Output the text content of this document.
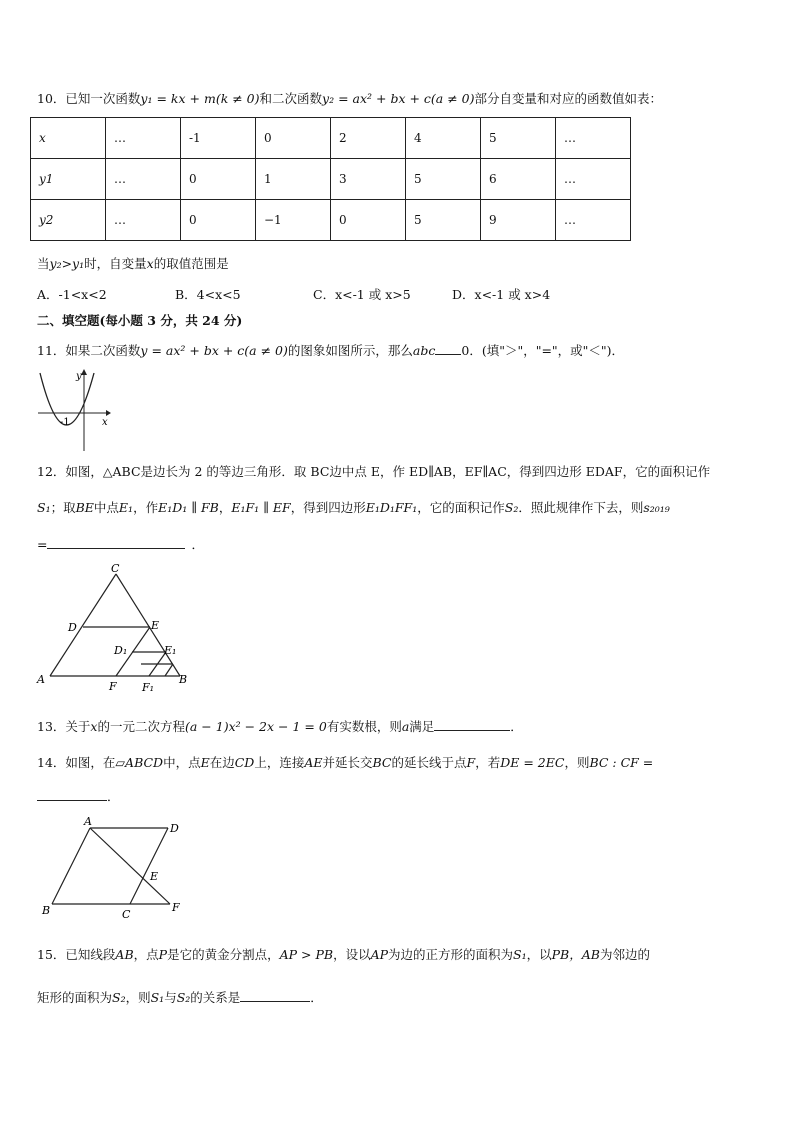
10．已知一次函数y₁ = kx + m(k ≠ 0)和二次函数y₂ = ax² + bx + c(a ≠ 0)部分自变量和对应的函数值如表：
x	…	-1	0	2	4	5	…
y1	…	0	1	3	5	6	…
y2	…	0	−1	0	5	9	…
当y₂>y₁时，自变量x的取值范围是
A．-1<x<2	B．4<x<5	C．x<-1 或 x>5	D．x<-1 或 x>4
二、填空题(每小题 3 分，共 24 分)
11．如果二次函数y = ax² + bx + c(a ≠ 0)的图象如图所示，那么abc 0．(填"＞"，"="，或"＜")．
x
y
-1
12．如图，△ABC是边长为 2 的等边三角形．取 BC边中点 E，作 ED∥AB，EF∥AC，得到四边形 EDAF，它的面积记作
S₁；取BE中点E₁，作E₁D₁ ∥ FB，E₁F₁ ∥ EF，得到四边形E₁D₁FF₁，它的面积记作S₂．照此规律作下去，则s₂₀₁₉
=	．
C
D	E
D₁	E₁
A
F F₁
B
13．关于x的一元二次方程(a − 1)x² − 2x − 1 = 0有实数根，则a满足	．
14．如图，在▱ABCD中，点E在边CD上，连接AE并延长交BC的延长线于点F，若DE = 2EC，则BC : CF =
．
A
D
E
B	C
F
15．已知线段AB，点P是它的黄金分割点，AP > PB，设以AP为边的正方形的面积为S₁，以PB，AB为邻边的
矩形的面积为S₂，则S₁与S₂的关系是	．
